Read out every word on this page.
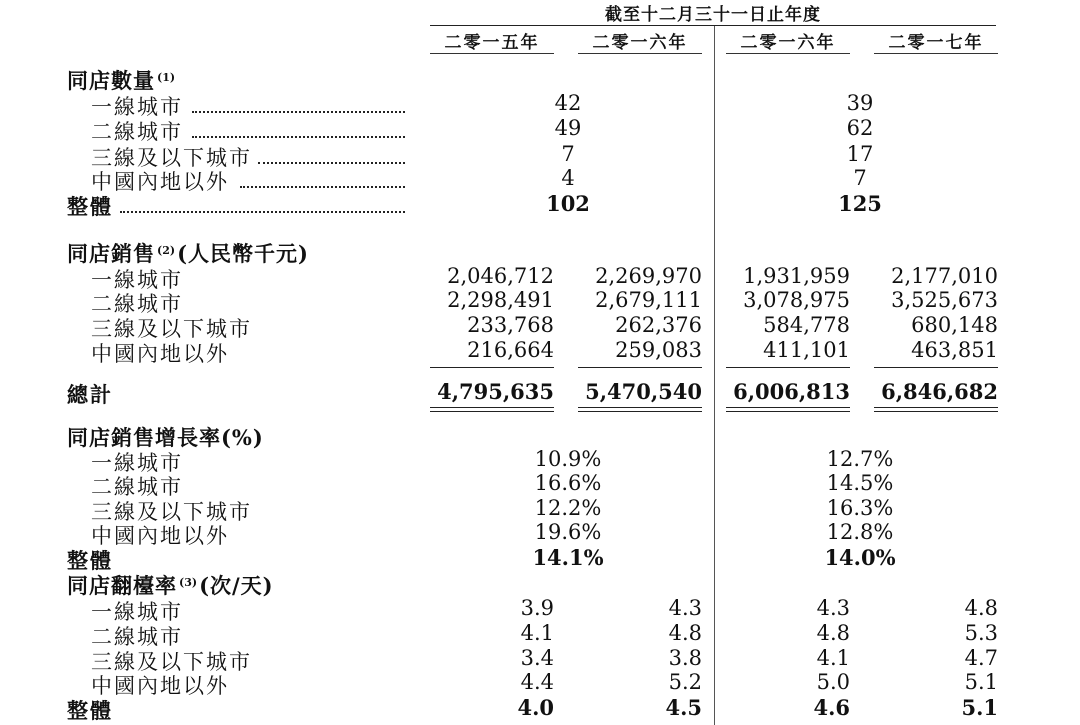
截至十二月三十一日止年度
二零一五年	二零一六年	二零一六年	二零一七年
同店數量 $^{(1)}$
一線城市	42	39
二線城市	49	62
三線及以下城市	7	17
中國內地以外	4	7
整體	102	125
同店銷售 $^{(2)}$(人民幣千元)
一線城市	2,046,712	2,269,970	1,931,959	2,177,010
二線城市	2,298,491	2,679,111	3,078,975	3,525,673
三線及以下城市	233,768	262,376	584,778	680,148
中國內地以外	216,664	259,083	411,101	463,851
總計	4,795,635	5,470,540	6,006,813	6,846,682
同店銷售增長率(%)
一線城市	10.9%	12.7%
二線城市	16.6%	14.5%
三線及以下城市	12.2%	16.3%
中國內地以外	19.6%	12.8%
整體	14.1%	14.0%
同店翻檯率 $^{(3)}$(次/天)
一線城市	3.9	4.3	4.3	4.8
二線城市	4.1	4.8	4.8	5.3
三線及以下城市	3.4	3.8	4.1	4.7
中國內地以外	4.4	5.2	5.0	5.1
整體	4.0	4.5	4.6	5.1
